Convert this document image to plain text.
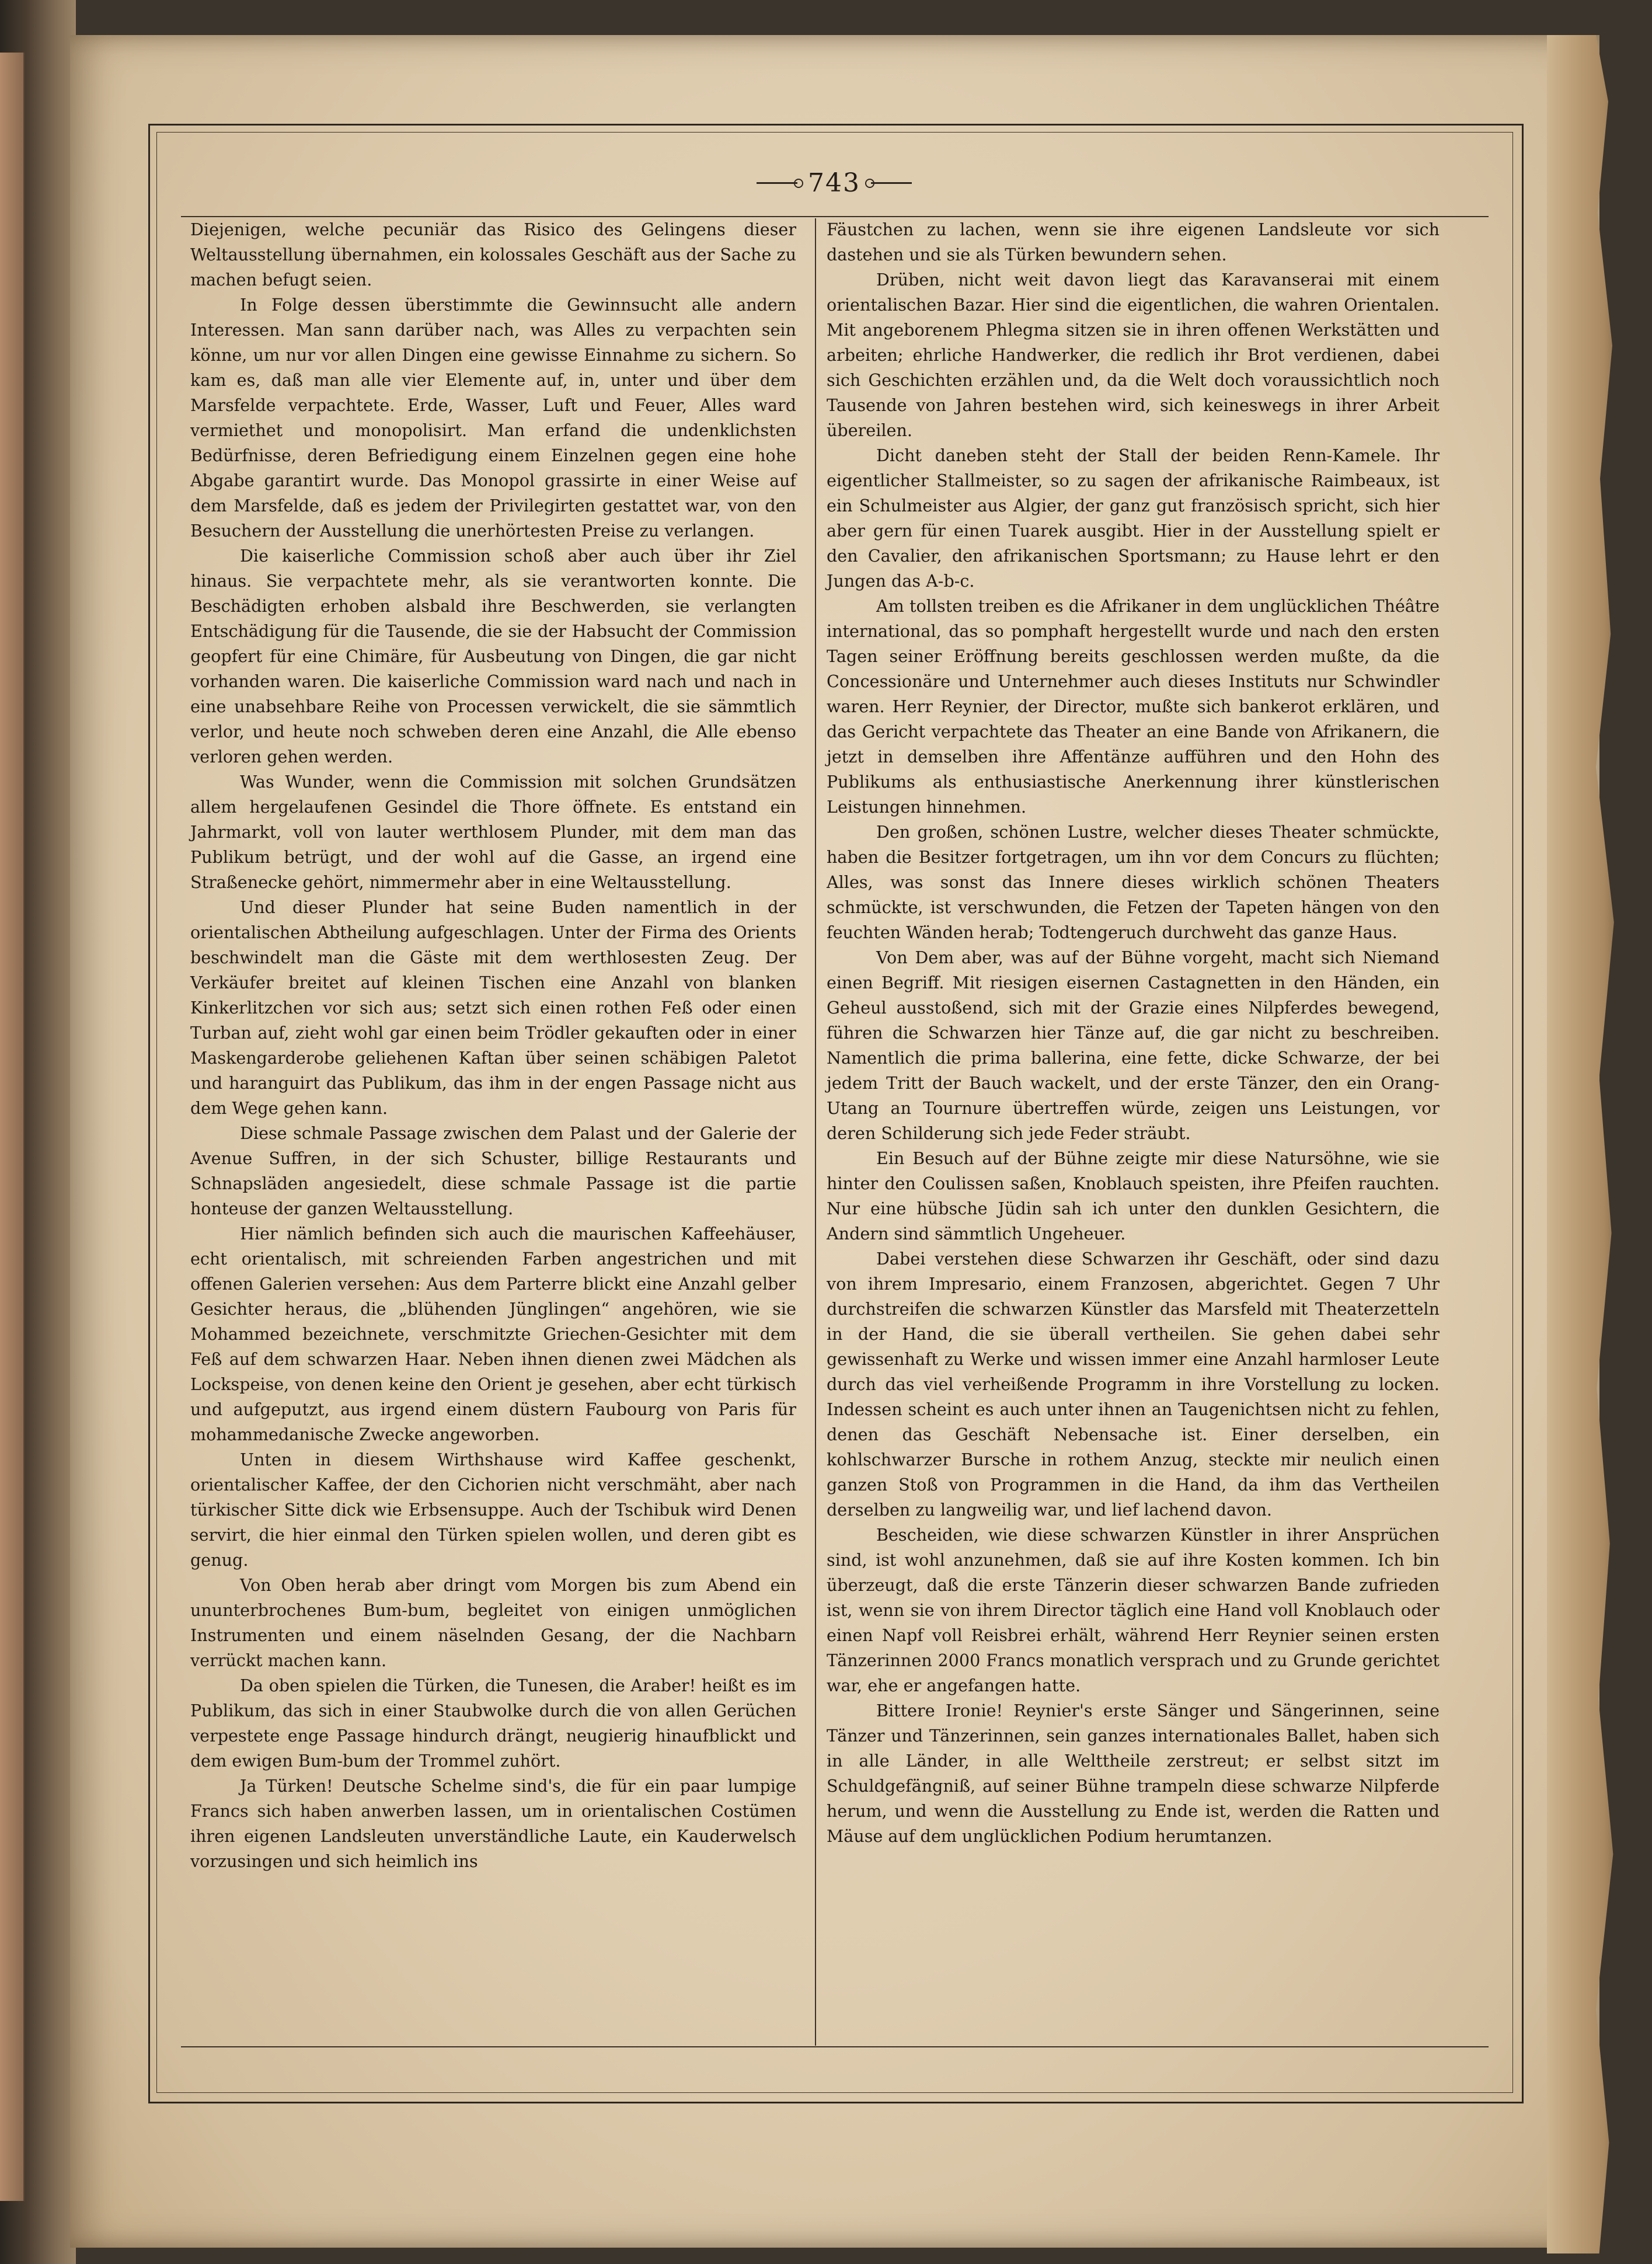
743

Diejenigen, welche pecuniär das Risico des Gelingens dieser Weltausstellung übernahmen, ein kolossales Geschäft aus der Sache zu machen befugt seien.

In Folge dessen überstimmte die Gewinnsucht alle andern Interessen. Man sann darüber nach, was Alles zu verpachten sein könne, um nur vor allen Dingen eine gewisse Einnahme zu sichern. So kam es, daß man alle vier Elemente auf, in, unter und über dem Marsfelde verpachtete. Erde, Wasser, Luft und Feuer, Alles ward vermiethet und monopolisirt. Man erfand die undenklichsten Bedürfnisse, deren Befriedigung einem Einzelnen gegen eine hohe Abgabe garantirt wurde. Das Monopol grassirte in einer Weise auf dem Marsfelde, daß es jedem der Privilegirten gestattet war, von den Besuchern der Ausstellung die unerhörtesten Preise zu verlangen.

Die kaiserliche Commission schoß aber auch über ihr Ziel hinaus. Sie verpachtete mehr, als sie verantworten konnte. Die Beschädigten erhoben alsbald ihre Beschwerden, sie verlangten Entschädigung für die Tausende, die sie der Habsucht der Commission geopfert für eine Chimäre, für Ausbeutung von Dingen, die gar nicht vorhanden waren. Die kaiserliche Commission ward nach und nach in eine unabsehbare Reihe von Processen verwickelt, die sie sämmtlich verlor, und heute noch schweben deren eine Anzahl, die Alle ebenso verloren gehen werden.

Was Wunder, wenn die Commission mit solchen Grundsätzen allem hergelaufenen Gesindel die Thore öffnete. Es entstand ein Jahrmarkt, voll von lauter werthlosem Plunder, mit dem man das Publikum betrügt, und der wohl auf die Gasse, an irgend eine Straßenecke gehört, nimmermehr aber in eine Weltausstellung.

Und dieser Plunder hat seine Buden namentlich in der orientalischen Abtheilung aufgeschlagen. Unter der Firma des Orients beschwindelt man die Gäste mit dem werthlosesten Zeug. Der Verkäufer breitet auf kleinen Tischen eine Anzahl von blanken Kinkerlitzchen vor sich aus; setzt sich einen rothen Feß oder einen Turban auf, zieht wohl gar einen beim Trödler gekauften oder in einer Maskengarderobe geliehenen Kaftan über seinen schäbigen Paletot und haranguirt das Publikum, das ihm in der engen Passage nicht aus dem Wege gehen kann.

Diese schmale Passage zwischen dem Palast und der Galerie der Avenue Suffren, in der sich Schuster, billige Restaurants und Schnapsläden angesiedelt, diese schmale Passage ist die partie honteuse der ganzen Weltausstellung.

Hier nämlich befinden sich auch die maurischen Kaffeehäuser, echt orientalisch, mit schreienden Farben angestrichen und mit offenen Galerien versehen: Aus dem Parterre blickt eine Anzahl gelber Gesichter heraus, die „blühenden Jünglingen“ angehören, wie sie Mohammed bezeichnete, verschmitzte Griechen-Gesichter mit dem Feß auf dem schwarzen Haar. Neben ihnen dienen zwei Mädchen als Lockspeise, von denen keine den Orient je gesehen, aber echt türkisch und aufgeputzt, aus irgend einem düstern Faubourg von Paris für mohammedanische Zwecke angeworben.

Unten in diesem Wirthshause wird Kaffee geschenkt, orientalischer Kaffee, der den Cichorien nicht verschmäht, aber nach türkischer Sitte dick wie Erbsensuppe. Auch der Tschibuk wird Denen servirt, die hier einmal den Türken spielen wollen, und deren gibt es genug.

Von Oben herab aber dringt vom Morgen bis zum Abend ein ununterbrochenes Bum-bum, begleitet von einigen unmöglichen Instrumenten und einem näselnden Gesang, der die Nachbarn verrückt machen kann.

Da oben spielen die Türken, die Tunesen, die Araber! heißt es im Publikum, das sich in einer Staubwolke durch die von allen Gerüchen verpestete enge Passage hindurch drängt, neugierig hinaufblickt und dem ewigen Bum-bum der Trommel zuhört.

Ja Türken! Deutsche Schelme sind's, die für ein paar lumpige Francs sich haben anwerben lassen, um in orientalischen Costümen ihren eigenen Landsleuten unverständliche Laute, ein Kauderwelsch vorzusingen und sich heimlich ins

Fäustchen zu lachen, wenn sie ihre eigenen Landsleute vor sich dastehen und sie als Türken bewundern sehen.

Drüben, nicht weit davon liegt das Karavanserai mit einem orientalischen Bazar. Hier sind die eigentlichen, die wahren Orientalen. Mit angeborenem Phlegma sitzen sie in ihren offenen Werkstätten und arbeiten; ehrliche Handwerker, die redlich ihr Brot verdienen, dabei sich Geschichten erzählen und, da die Welt doch voraussichtlich noch Tausende von Jahren bestehen wird, sich keineswegs in ihrer Arbeit übereilen.

Dicht daneben steht der Stall der beiden Renn-Kamele. Ihr eigentlicher Stallmeister, so zu sagen der afrikanische Raimbeaux, ist ein Schulmeister aus Algier, der ganz gut französisch spricht, sich hier aber gern für einen Tuarek ausgibt. Hier in der Ausstellung spielt er den Cavalier, den afrikanischen Sportsmann; zu Hause lehrt er den Jungen das A-b-c.

Am tollsten treiben es die Afrikaner in dem unglücklichen Théâtre international, das so pomphaft hergestellt wurde und nach den ersten Tagen seiner Eröffnung bereits geschlossen werden mußte, da die Concessionäre und Unternehmer auch dieses Instituts nur Schwindler waren. Herr Reynier, der Director, mußte sich bankerot erklären, und das Gericht verpachtete das Theater an eine Bande von Afrikanern, die jetzt in demselben ihre Affentänze aufführen und den Hohn des Publikums als enthusiastische Anerkennung ihrer künstlerischen Leistungen hinnehmen.

Den großen, schönen Lustre, welcher dieses Theater schmückte, haben die Besitzer fortgetragen, um ihn vor dem Concurs zu flüchten; Alles, was sonst das Innere dieses wirklich schönen Theaters schmückte, ist verschwunden, die Fetzen der Tapeten hängen von den feuchten Wänden herab; Todtengeruch durchweht das ganze Haus.

Von Dem aber, was auf der Bühne vorgeht, macht sich Niemand einen Begriff. Mit riesigen eisernen Castagnetten in den Händen, ein Geheul ausstoßend, sich mit der Grazie eines Nilpferdes bewegend, führen die Schwarzen hier Tänze auf, die gar nicht zu beschreiben. Namentlich die prima ballerina, eine fette, dicke Schwarze, der bei jedem Tritt der Bauch wackelt, und der erste Tänzer, den ein Orang-Utang an Tournure übertreffen würde, zeigen uns Leistungen, vor deren Schilderung sich jede Feder sträubt.

Ein Besuch auf der Bühne zeigte mir diese Natursöhne, wie sie hinter den Coulissen saßen, Knoblauch speisten, ihre Pfeifen rauchten. Nur eine hübsche Jüdin sah ich unter den dunklen Gesichtern, die Andern sind sämmtlich Ungeheuer.

Dabei verstehen diese Schwarzen ihr Geschäft, oder sind dazu von ihrem Impresario, einem Franzosen, abgerichtet. Gegen 7 Uhr durchstreifen die schwarzen Künstler das Marsfeld mit Theaterzetteln in der Hand, die sie überall vertheilen. Sie gehen dabei sehr gewissenhaft zu Werke und wissen immer eine Anzahl harmloser Leute durch das viel verheißende Programm in ihre Vorstellung zu locken. Indessen scheint es auch unter ihnen an Taugenichtsen nicht zu fehlen, denen das Geschäft Nebensache ist. Einer derselben, ein kohlschwarzer Bursche in rothem Anzug, steckte mir neulich einen ganzen Stoß von Programmen in die Hand, da ihm das Vertheilen derselben zu langweilig war, und lief lachend davon.

Bescheiden, wie diese schwarzen Künstler in ihrer Ansprüchen sind, ist wohl anzunehmen, daß sie auf ihre Kosten kommen. Ich bin überzeugt, daß die erste Tänzerin dieser schwarzen Bande zufrieden ist, wenn sie von ihrem Director täglich eine Hand voll Knoblauch oder einen Napf voll Reisbrei erhält, während Herr Reynier seinen ersten Tänzerinnen 2000 Francs monatlich versprach und zu Grunde gerichtet war, ehe er angefangen hatte.

Bittere Ironie! Reynier's erste Sänger und Sängerinnen, seine Tänzer und Tänzerinnen, sein ganzes internationales Ballet, haben sich in alle Länder, in alle Welttheile zerstreut; er selbst sitzt im Schuldgefängniß, auf seiner Bühne trampeln diese schwarze Nilpferde herum, und wenn die Ausstellung zu Ende ist, werden die Ratten und Mäuse auf dem unglücklichen Podium herumtanzen.
